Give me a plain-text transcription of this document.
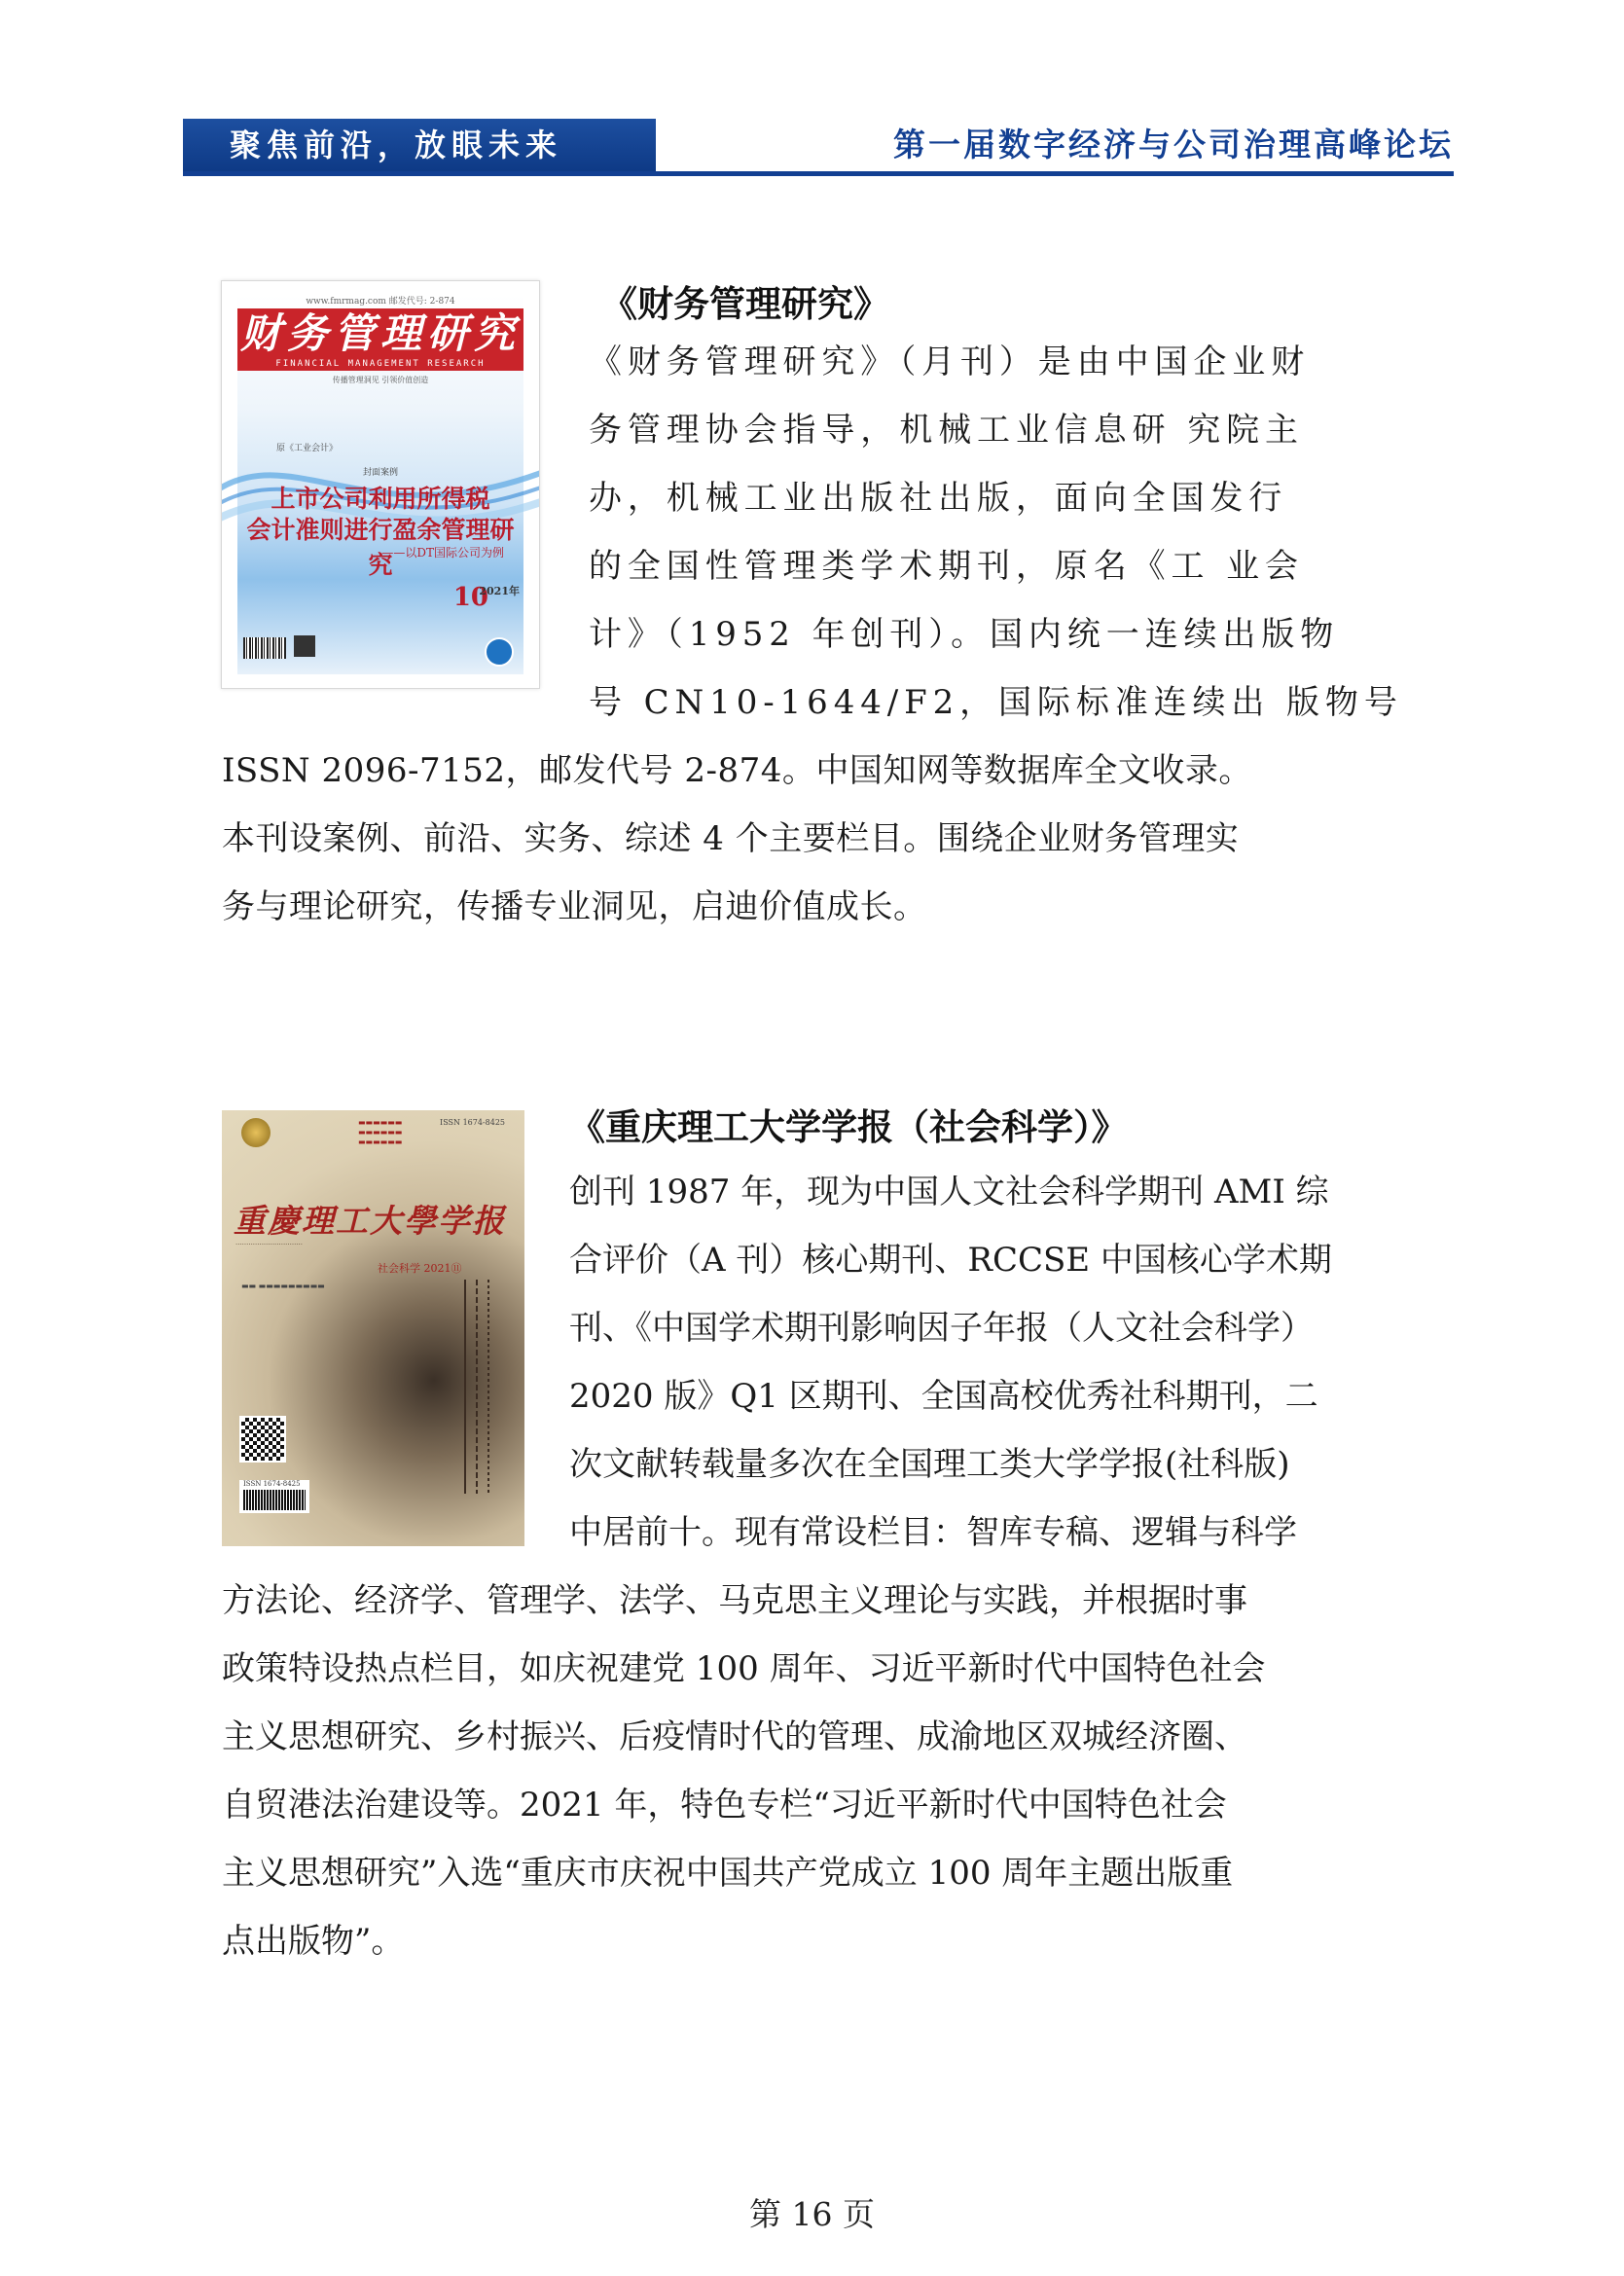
聚焦前沿，放眼未来	第一届数字经济与公司治理高峰论坛
www.fmrmag.com 邮发代号: 2-874
财务管理研究
FINANCIAL MANAGEMENT RESEARCH
传播管理洞见 引领价值创造
原《工业会计》
封面案例
上市公司利用所得税
会计准则进行盈余管理研究
——以DT国际公司为例
10
2021年
《财务管理研究》
《财务管理研究》（月刊）是由中国企业财
务管理协会指导，机械工业信息研 究院主
办，机械工业出版社出版，面向全国发行
的全国性管理类学术期刊，原名《工 业会
计》（1952 年创刊）。国内统一连续出版物
号 CN10-1644/F2，国际标准连续出 版物号
ISSN 2096-7152，邮发代号 2-874。中国知网等数据库全文收录。
本刊设案例、前沿、实务、综述 4 个主要栏目。围绕企业财务管理实
务与理论研究，传播专业洞见，启迪价值成长。
▬▬▬▬▬▬
▬▬▬▬▬▬
▬▬▬▬▬▬
ISSN 1674-8425
重慶理工大學学报
·······························
社会科学 2021⑪
▬▬ ▬▬▬▬▬▬▬▬▬
ISSN 1674-8425
《重庆理工大学学报（社会科学）》
创刊 1987 年，现为中国人文社会科学期刊 AMI 综
合评价（A 刊）核心期刊、RCCSE 中国核心学术期
刊、《中国学术期刊影响因子年报（人文社会科学）
2020 版》Q1 区期刊、全国高校优秀社科期刊，二
次文献转载量多次在全国理工类大学学报(社科版)
中居前十。现有常设栏目：智库专稿、逻辑与科学
方法论、经济学、管理学、法学、马克思主义理论与实践，并根据时事
政策特设热点栏目，如庆祝建党 100 周年、习近平新时代中国特色社会
主义思想研究、乡村振兴、后疫情时代的管理、成渝地区双城经济圈、
自贸港法治建设等。2021 年，特色专栏“习近平新时代中国特色社会
主义思想研究”入选“重庆市庆祝中国共产党成立 100 周年主题出版重
点出版物”。
第 16 页
